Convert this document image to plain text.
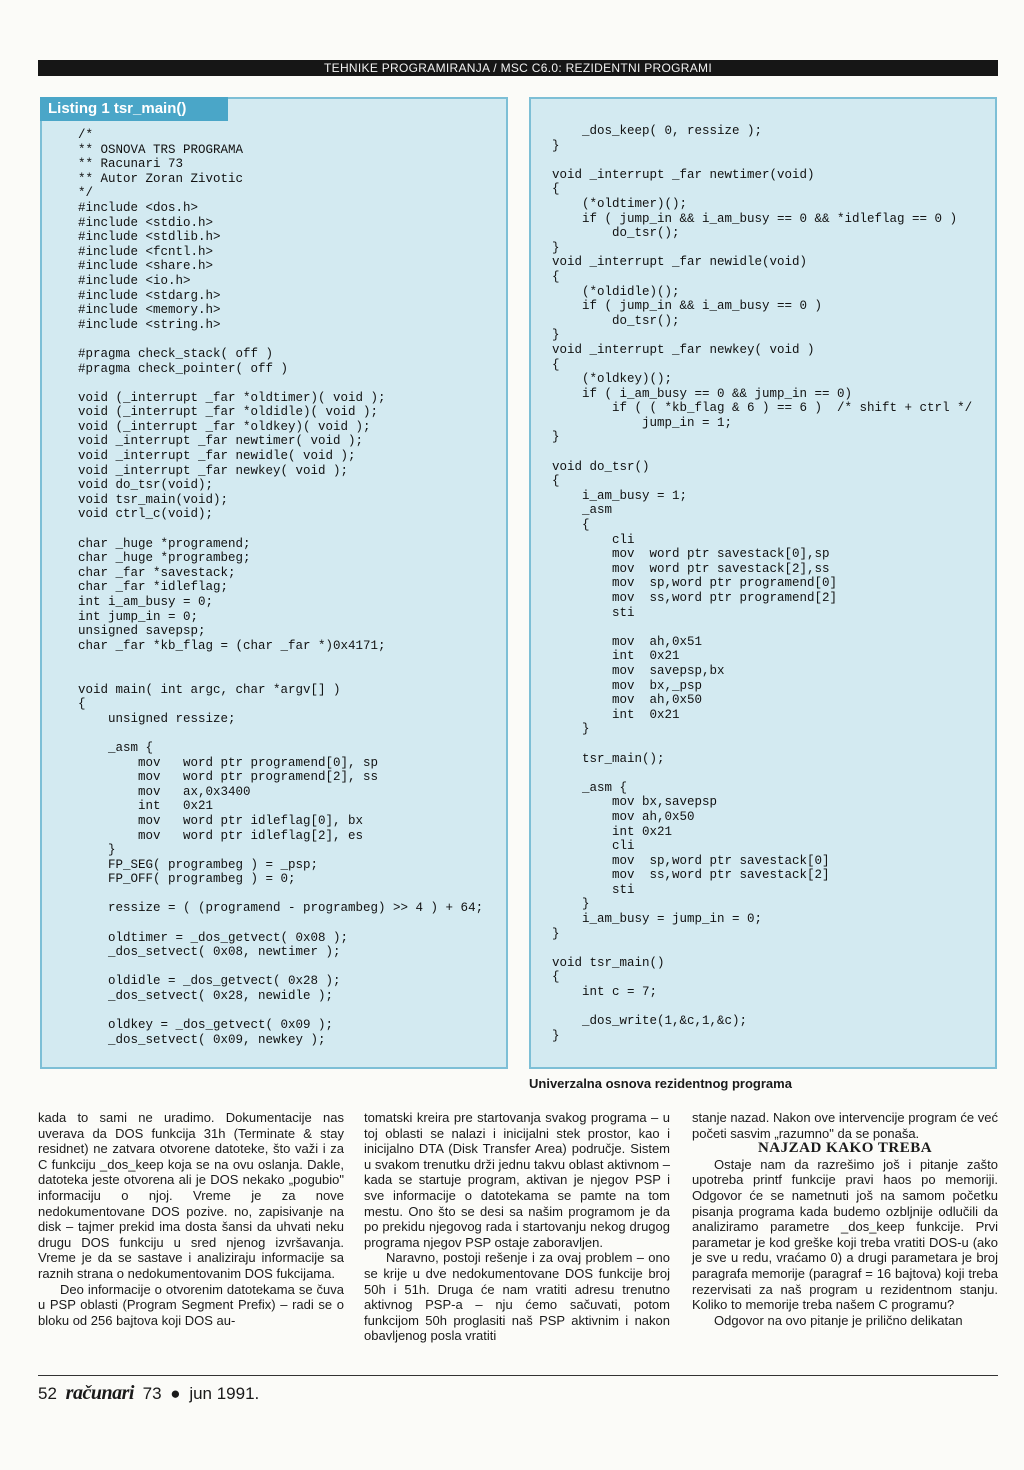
TEHNIKE PROGRAMIRANJA / MSC C6.0: REZIDENTNI PROGRAMI
Listing 1 tsr_main()
/*
** OSNOVA TRS PROGRAMA
** Racunari 73
** Autor Zoran Zivotic
*/
#include <dos.h>
#include <stdio.h>
#include <stdlib.h>
#include <fcntl.h>
#include <share.h>
#include <io.h>
#include <stdarg.h>
#include <memory.h>
#include <string.h>

#pragma check_stack( off )
#pragma check_pointer( off )

void (_interrupt _far *oldtimer)( void );
void (_interrupt _far *oldidle)( void );
void (_interrupt _far *oldkey)( void );
void _interrupt _far newtimer( void );
void _interrupt _far newidle( void );
void _interrupt _far newkey( void );
void do_tsr(void);
void tsr_main(void);
void ctrl_c(void);

char _huge *programend;
char _huge *programbeg;
char _far *savestack;
char _far *idleflag;
int i_am_busy = 0;
int jump_in = 0;
unsigned savepsp;
char _far *kb_flag = (char _far *)0x4171;

void main( int argc, char *argv[] )
{
unsigned ressize;

_asm {
mov   word ptr programend[0], sp
mov   word ptr programend[2], ss
mov   ax,0x3400
int   0x21
mov   word ptr idleflag[0], bx
mov   word ptr idleflag[2], es
}
FP_SEG( programbeg ) = _psp;
FP_OFF( programbeg ) = 0;

ressize = ( (programend - programbeg) >> 4 ) + 64;

oldtimer = _dos_getvect( 0x08 );
_dos_setvect( 0x08, newtimer );

oldidle = _dos_getvect( 0x28 );
_dos_setvect( 0x28, newidle );

oldkey = _dos_getvect( 0x09 );
_dos_setvect( 0x09, newkey );
_dos_keep( 0, ressize );
}

void _interrupt _far newtimer(void)
{
(*oldtimer)();
if ( jump_in && i_am_busy == 0 && *idleflag == 0 )
do_tsr();
}
void _interrupt _far newidle(void)
{
(*oldidle)();
if ( jump_in && i_am_busy == 0 )
do_tsr();
}
void _interrupt _far newkey( void )
{
(*oldkey)();
if ( i_am_busy == 0 && jump_in == 0)
if ( ( *kb_flag & 6 ) == 6 )  /* shift + ctrl */
jump_in = 1;
}

void do_tsr()
{
i_am_busy = 1;
_asm
{
cli
mov  word ptr savestack[0],sp
mov  word ptr savestack[2],ss
mov  sp,word ptr programend[0]
mov  ss,word ptr programend[2]
sti

mov  ah,0x51
int  0x21
mov  savepsp,bx
mov  bx,_psp
mov  ah,0x50
int  0x21
}

tsr_main();

_asm {
mov bx,savepsp
mov ah,0x50
int 0x21
cli
mov  sp,word ptr savestack[0]
mov  ss,word ptr savestack[2]
sti
}
i_am_busy = jump_in = 0;
}

void tsr_main()
{
int c = 7;

_dos_write(1,&c,1,&c);
}
Univerzalna osnova rezidentnog programa

kada to sami ne uradimo. Dokumentacije nas uverava da DOS funkcija 31h (Terminate & stay residnet) ne zatvara otvorene datoteke, što važi i za C funkciju _dos_keep koja se na ovu oslanja. Dakle, datoteka jeste otvorena ali je DOS nekako „pogubio" informaciju o njoj. Vreme je za nove nedokumentovane DOS pozive. no, zapisivanje na disk – tajmer prekid ima dosta šansi da uhvati neku drugu DOS funkciju u sred njenog izvršavanja. Vreme je da se sastave i analiziraju informacije sa raznih strana o nedokumentovanim DOS fukcijama.

Deo informacije o otvorenim datotekama se čuva u PSP oblasti (Program Segment Prefix) – radi se o bloku od 256 bajtova koji DOS au-

tomatski kreira pre startovanja svakog programa – u toj oblasti se nalazi i inicijalni stek prostor, kao i inicijalno DTA (Disk Transfer Area) područje. Sistem u svakom trenutku drži jednu takvu oblast aktivnom – kada se startuje program, aktivan je njegov PSP i sve informacije o datotekama se pamte na tom mestu. Ono što se desi sa našim programom je da po prekidu njegovog rada i startovanju nekog drugog programa njegov PSP ostaje zaboravljen.

Naravno, postoji rešenje i za ovaj problem – ono se krije u dve nedokumentovane DOS funkcije broj 50h i 51h. Druga će nam vratiti adresu trenutno aktivnog PSP-a – nju ćemo sačuvati, potom funkcijom 50h proglasiti naš PSP aktivnim i nakon obavljenog posla vratiti

stanje nazad. Nakon ove intervencije program će već početi sasvim „razumno" da se ponaša.

NAJZAD KAKO TREBA

Ostaje nam da razrešimo još i pitanje zašto upotreba printf funkcije pravi haos po memoriji. Odgovor će se nametnuti još na samom početku pisanja programa kada budemo ozbljnije odlučili da analiziramo parametre _dos_keep funkcije. Prvi parametar je kod greške koji treba vratiti DOS-u (ako je sve u redu, vraćamo 0) a drugi parametara je broj paragrafa memorije (paragraf = 16 bajtova) koji treba rezervisati za naš program u rezidentnom stanju. Koliko to memorije treba našem C programu?

Odgovor na ovo pitanje je prilično delikatan

52 računari 73 ● jun 1991.
